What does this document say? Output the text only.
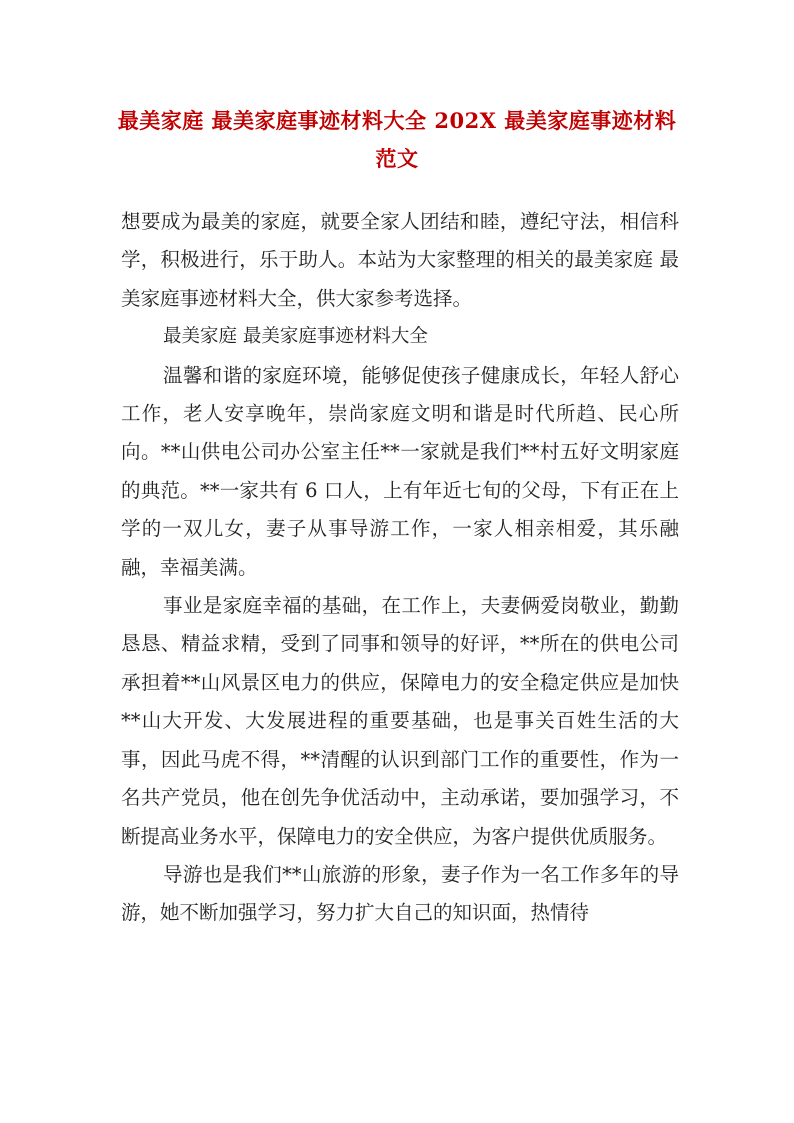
最美家庭 最美家庭事迹材料大全 202X 最美家庭事迹材料范文

想要成为最美的家庭，就要全家人团结和睦，遵纪守法，相信科学，积极进行，乐于助人。本站为大家整理的相关的最美家庭 最美家庭事迹材料大全，供大家参考选择。

最美家庭 最美家庭事迹材料大全

温馨和谐的家庭环境，能够促使孩子健康成长，年轻人舒心工作，老人安享晚年，崇尚家庭文明和谐是时代所趋、民心所向。**山供电公司办公室主任**一家就是我们**村五好文明家庭的典范。**一家共有 6 口人，上有年近七旬的父母，下有正在上学的一双儿女，妻子从事导游工作，一家人相亲相爱，其乐融融，幸福美满。

事业是家庭幸福的基础，在工作上，夫妻俩爱岗敬业，勤勤恳恳、精益求精，受到了同事和领导的好评，**所在的供电公司承担着**山风景区电力的供应，保障电力的安全稳定供应是加快**山大开发、大发展进程的重要基础，也是事关百姓生活的大事，因此马虎不得，**清醒的认识到部门工作的重要性，作为一名共产党员，他在创先争优活动中，主动承诺，要加强学习，不断提高业务水平，保障电力的安全供应，为客户提供优质服务。

导游也是我们**山旅游的形象，妻子作为一名工作多年的导游，她不断加强学习，努力扩大自己的知识面，热情待
